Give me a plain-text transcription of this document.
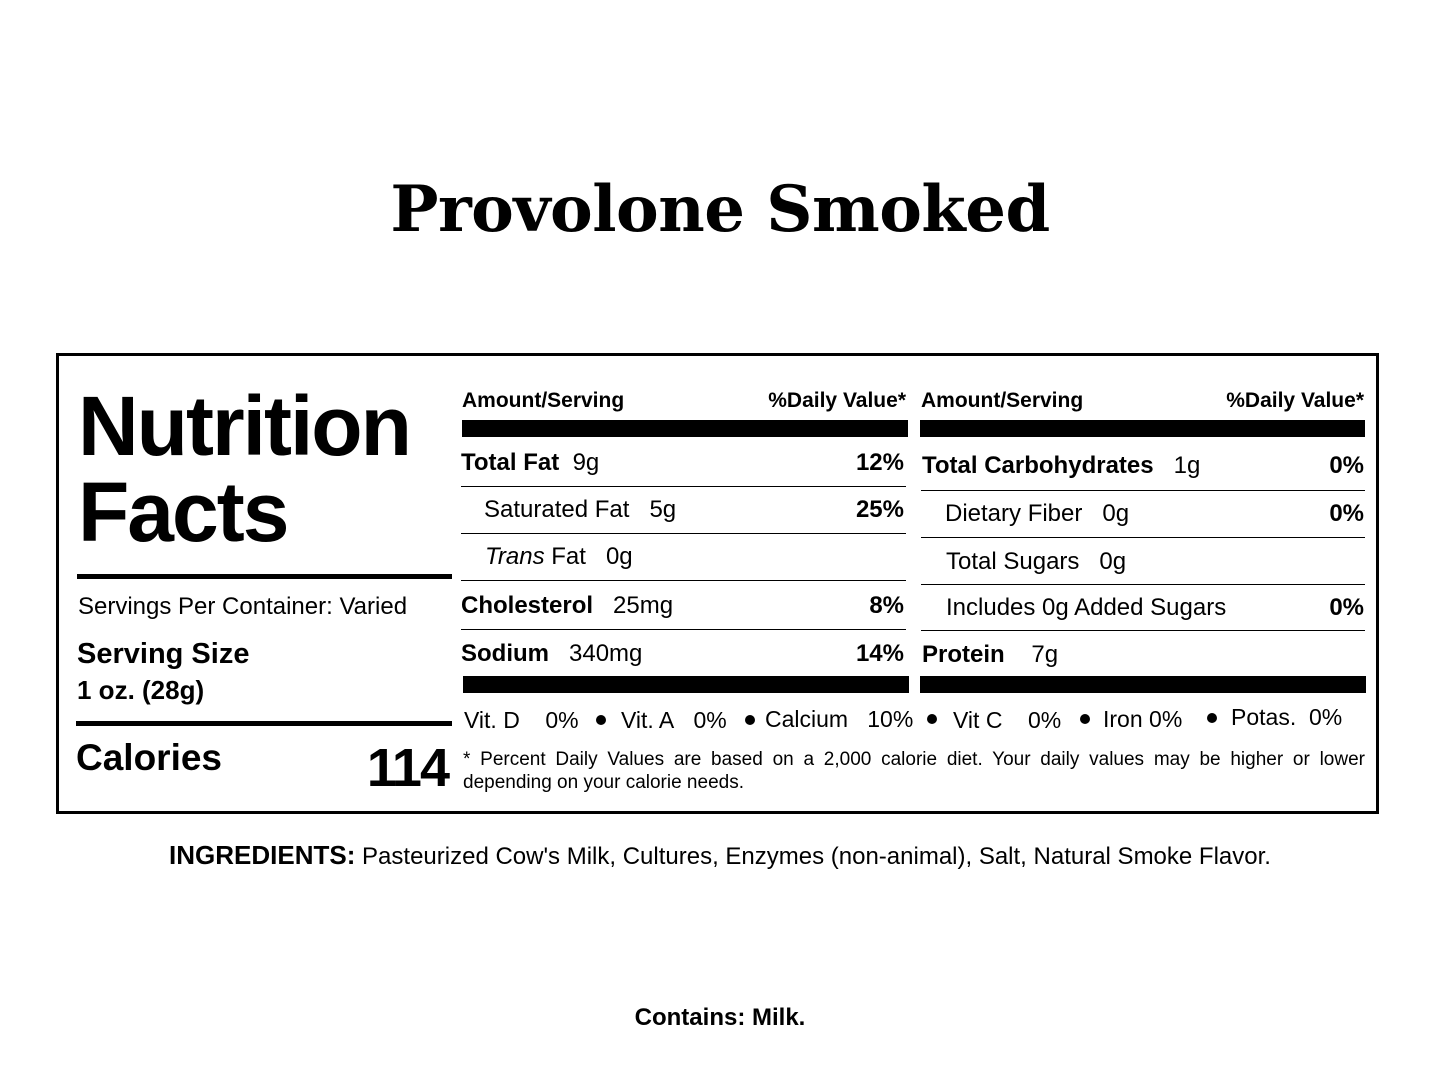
Provolone Smoked
Nutrition
Facts
Servings Per Container: Varied
Serving Size
1 oz. (28g)
Calories	114
Amount/Serving	%Daily Value*
Total Fat 9g	12%
Saturated Fat 5g	25%
Trans Fat 0g
Cholesterol 25mg	8%
Sodium 340mg	14%
Amount/Serving	%Daily Value*
Total Carbohydrates 1g	0%
Dietary Fiber 0g	0%
Total Sugars 0g
Includes 0g Added Sugars	0%
Protein 7g
Vit. D 0% Vit. A 0% Calcium 10% Vit C 0% Iron 0% Potas. 0%
* Percent Daily Values are based on a 2,000 calorie diet. Your daily values may be higher or lower depending on your calorie needs.
INGREDIENTS: Pasteurized Cow's Milk, Cultures, Enzymes (non-animal), Salt, Natural Smoke Flavor.
Contains: Milk.
